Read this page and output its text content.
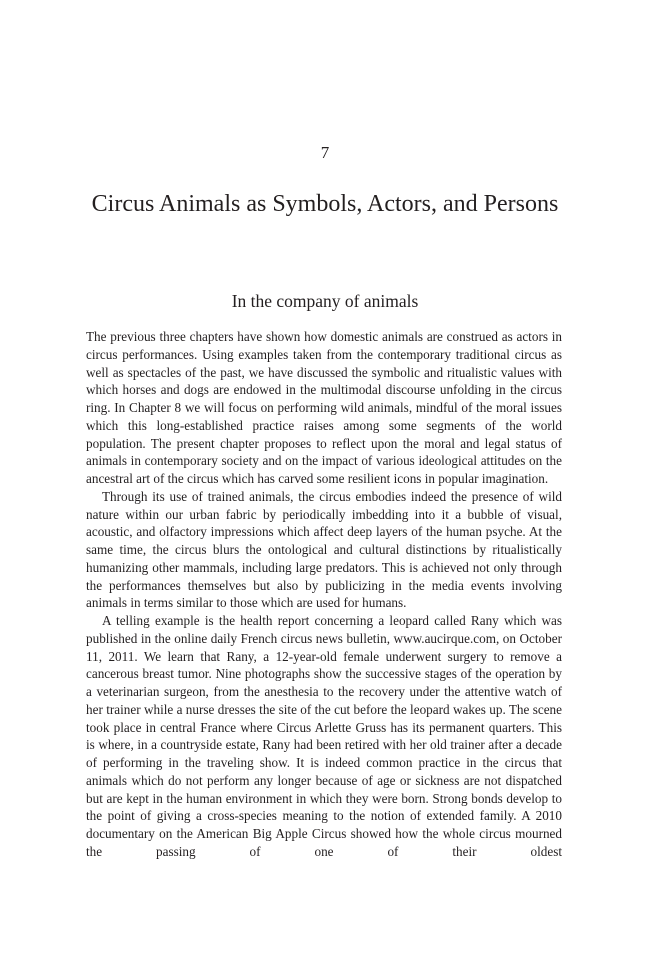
7
Circus Animals as Symbols, Actors, and Persons
In the company of animals

The previous three chapters have shown how domestic animals are construed as actors in circus performances. Using examples taken from the contemporary traditional circus as well as spectacles of the past, we have discussed the symbolic and ritualistic values with which horses and dogs are endowed in the multimodal discourse unfolding in the circus ring. In Chapter 8 we will focus on performing wild animals, mindful of the moral issues which this long-established practice raises among some segments of the world population. The present chapter proposes to reflect upon the moral and legal status of animals in contemporary society and on the impact of various ideological attitudes on the ancestral art of the circus which has carved some resilient icons in popular imagination.

Through its use of trained animals, the circus embodies indeed the presence of wild nature within our urban fabric by periodically imbedding into it a bubble of visual, acoustic, and olfactory impressions which affect deep layers of the human psyche. At the same time, the circus blurs the ontological and cultural distinctions by ritualistically humanizing other mammals, including large predators. This is achieved not only through the performances themselves but also by publicizing in the media events involving animals in terms similar to those which are used for humans.

A telling example is the health report concerning a leopard called Rany which was published in the online daily French circus news bulletin, www.aucirque.com, on October 11, 2011. We learn that Rany, a 12-year-old female underwent surgery to remove a cancerous breast tumor. Nine photographs show the successive stages of the operation by a veterinarian surgeon, from the anesthesia to the recovery under the attentive watch of her trainer while a nurse dresses the site of the cut before the leopard wakes up. The scene took place in central France where Circus Arlette Gruss has its permanent quarters. This is where, in a countryside estate, Rany had been retired with her old trainer after a decade of performing in the traveling show. It is indeed common practice in the circus that animals which do not perform any longer because of age or sickness are not dispatched but are kept in the human environment in which they were born. Strong bonds develop to the point of giving a cross-species meaning to the notion of extended family. A 2010 documentary on the American Big Apple Circus showed how the whole circus mourned the passing of one of their oldest
